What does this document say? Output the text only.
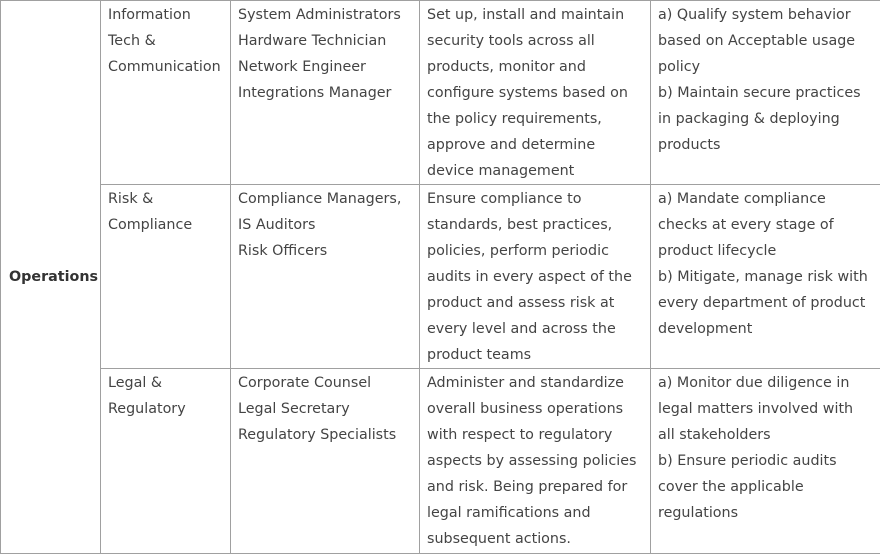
Operations	Information
Tech &
Communication	System Administrators
Hardware Technician
Network Engineer
Integrations Manager	Set up, install and maintain security tools across all products, monitor and configure systems based on the policy requirements, approve and determine device management	a) Qualify system behavior based on Acceptable usage policy
b) Maintain secure practices in packaging & deploying products
	Risk &
Compliance	Compliance Managers,
IS Auditors
Risk Officers	Ensure compliance to standards, best practices, policies, perform periodic audits in every aspect of the product and assess risk at every level and across the product teams	a) Mandate compliance checks at every stage of product lifecycle
b) Mitigate, manage risk with every department of product development
	Legal &
Regulatory	Corporate Counsel
Legal Secretary
Regulatory Specialists	Administer and standardize overall business operations with respect to regulatory aspects by assessing policies and risk. Being prepared for legal ramifications and subsequent actions.	a) Monitor due diligence in legal matters involved with all stakeholders
b) Ensure periodic audits cover the applicable regulations
